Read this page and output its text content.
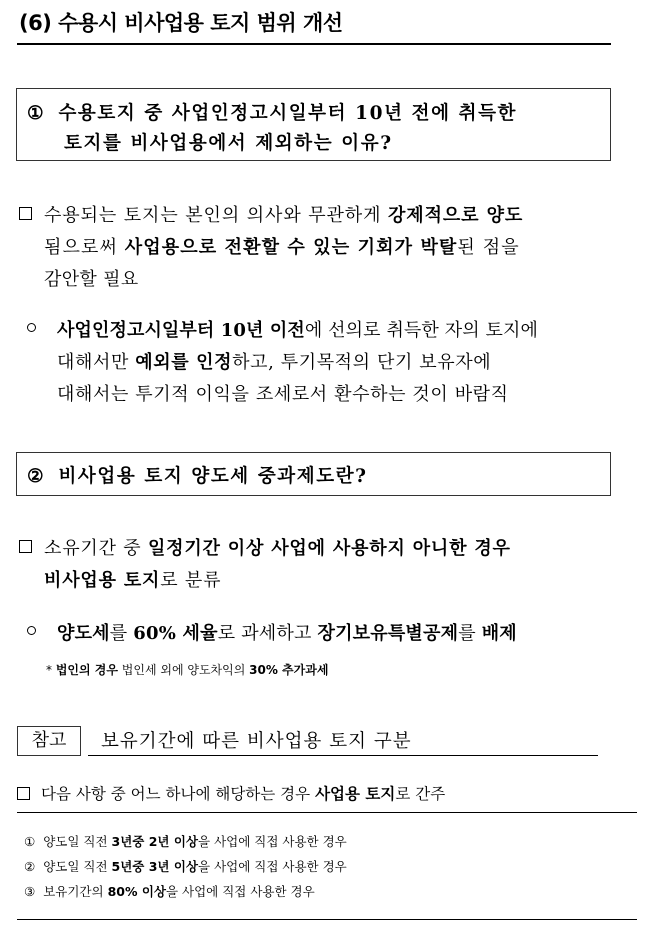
(6) 수용시 비사업용 토지 범위 개선
① 수용토지 중 사업인정고시일부터 10년 전에 취득한
토지를 비사업용에서 제외하는 이유?
수용되는 토지는 본인의 의사와 무관하게 강제적으로 양도
됨으로써 사업용으로 전환할 수 있는 기회가 박탈된 점을
감안할 필요
사업인정고시일부터 10년 이전에 선의로 취득한 자의 토지에
대해서만 예외를 인정하고, 투기목적의 단기 보유자에
대해서는 투기적 이익을 조세로서 환수하는 것이 바람직
② 비사업용 토지 양도세 중과제도란?
소유기간 중 일정기간 이상 사업에 사용하지 아니한 경우
비사업용 토지로 분류
양도세를 60% 세율로 과세하고 장기보유특별공제를 배제
* 법인의 경우 법인세 외에 양도차익의 30% 추가과세
참고	보유기간에 따른 비사업용 토지 구분
다음 사항 중 어느 하나에 해당하는 경우 사업용 토지로 간주
① 양도일 직전 3년중 2년 이상을 사업에 직접 사용한 경우
② 양도일 직전 5년중 3년 이상을 사업에 직접 사용한 경우
③ 보유기간의 80% 이상을 사업에 직접 사용한 경우
